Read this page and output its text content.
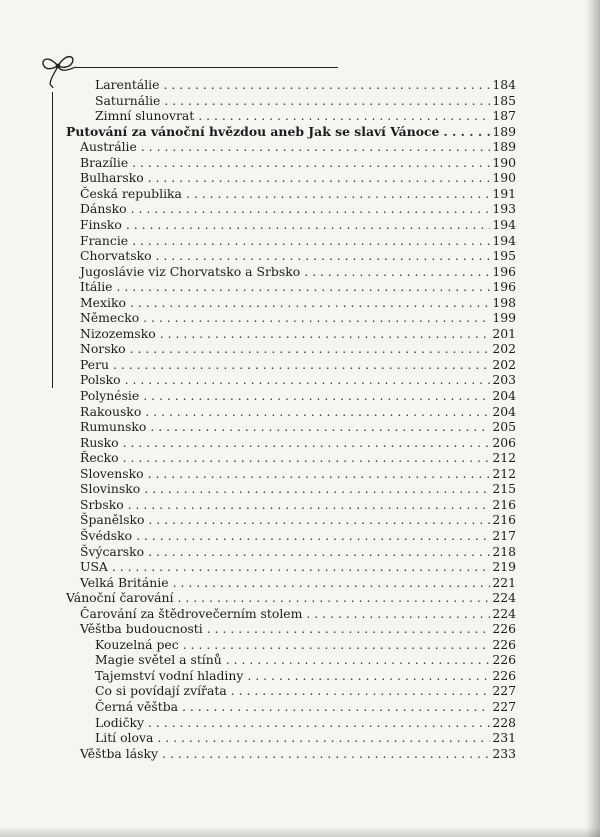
Larentálie . . .	184
Saturnálie . . .	185
Zimní slunovrat . . .	187
Putování za vánoční hvězdou aneb Jak se slaví Vánoce . . .	189
Austrálie . . .	189
Brazílie . . .	190
Bulharsko . . .	190
Česká republika . . .	191
Dánsko . . .	193
Finsko . . .	194
Francie . . .	194
Chorvatsko . . .	195
Jugoslávie viz Chorvatsko a Srbsko . . .	196
Itálie . . .	196
Mexiko . . .	198
Německo . . .	199
Nizozemsko . . .	201
Norsko . . .	202
Peru . . .	202
Polsko . . .	203
Polynésie . . .	204
Rakousko . . .	204
Rumunsko . . .	205
Rusko . . .	206
Řecko . . .	212
Slovensko . . .	212
Slovinsko . . .	215
Srbsko . . .	216
Španělsko . . .	216
Švédsko . . .	217
Švýcarsko . . .	218
USA . . .	219
Velká Británie . . .	221
Vánoční čarování . . .	224
Čarování za štědrovečerním stolem . . .	224
Věštba budoucnosti . . .	226
Kouzelná pec . . .	226
Magie světel a stínů . . .	226
Tajemství vodní hladiny . . .	226
Co si povídají zvířata . . .	227
Černá věštba . . .	227
Lodičky . . .	228
Lití olova . . .	231
Věštba lásky . . .	233
